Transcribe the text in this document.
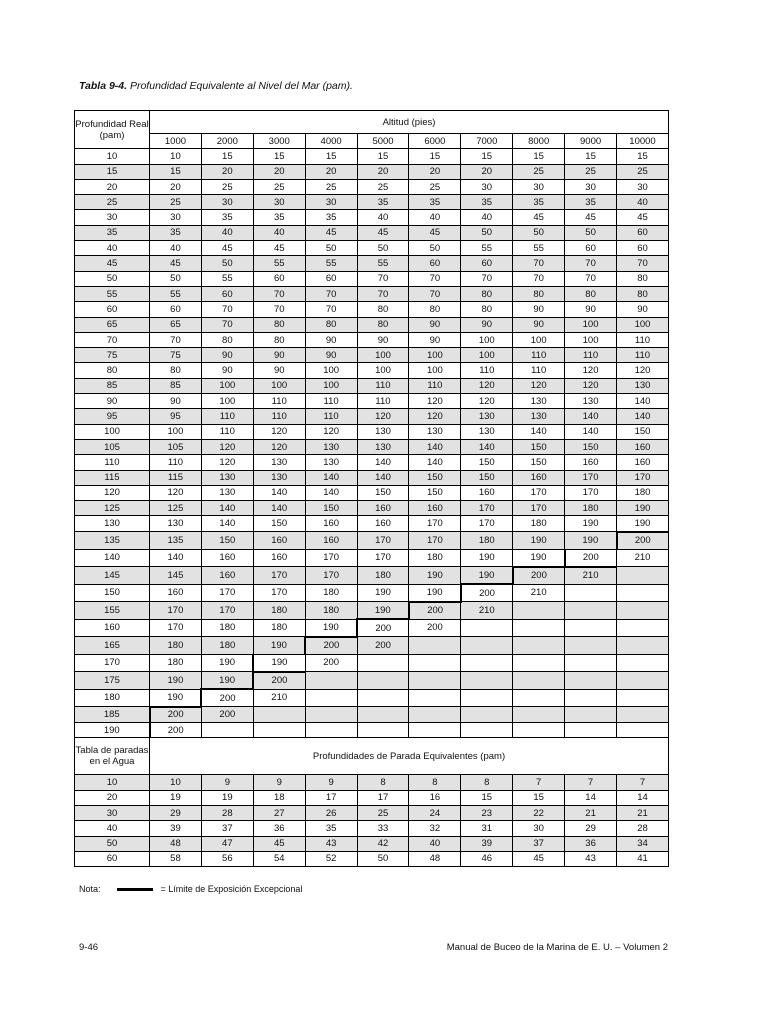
Tabla 9-4. Profundidad Equivalente al Nivel del Mar (pam).
Profundidad Real (pam)	Altitud (pies)									
	1000	2000	3000	4000	5000	6000	7000	8000	9000	10000
10	10	15	15	15	15	15	15	15	15	15
15	15	20	20	20	20	20	20	25	25	25
20	20	25	25	25	25	25	30	30	30	30
25	25	30	30	30	35	35	35	35	35	40
30	30	35	35	35	40	40	40	45	45	45
35	35	40	40	45	45	45	50	50	50	60
40	40	45	45	50	50	50	55	55	60	60
45	45	50	55	55	55	60	60	70	70	70
50	50	55	60	60	70	70	70	70	70	80
55	55	60	70	70	70	70	80	80	80	80
60	60	70	70	70	80	80	80	90	90	90
65	65	70	80	80	80	90	90	90	100	100
70	70	80	80	90	90	90	100	100	100	110
75	75	90	90	90	100	100	100	110	110	110
80	80	90	90	100	100	100	110	110	120	120
85	85	100	100	100	110	110	120	120	120	130
90	90	100	110	110	110	120	120	130	130	140
95	95	110	110	110	120	120	130	130	140	140
100	100	110	120	120	130	130	130	140	140	150
105	105	120	120	130	130	140	140	150	150	160
110	110	120	130	130	140	140	150	150	160	160
115	115	130	130	140	140	150	150	160	170	170
120	120	130	140	140	150	150	160	170	170	180
125	125	140	140	150	160	160	170	170	180	190
130	130	140	150	160	160	170	170	180	190	190
135	135	150	160	160	170	170	180	190	190	200
140	140	160	160	170	170	180	190	190	200	210
145	145	160	170	170	180	190	190	200	210	
150	160	170	170	180	190	190	200	210		
155	170	170	180	180	190	200	210			
160	170	180	180	190	200	200				
165	180	180	190	200	200					
170	180	190	190	200						
175	190	190	200							
180	190	200	210							
185	200	200								
190	200									
Tabla de paradas en el Agua	Profundidades de Parada Equivalentes (pam)									
10	10	9	9	9	8	8	8	7	7	7
20	19	19	18	17	17	16	15	15	14	14
30	29	28	27	26	25	24	23	22	21	21
40	39	37	36	35	33	32	31	30	29	28
50	48	47	45	43	42	40	39	37	36	34
60	58	56	54	52	50	48	46	45	43	41
Nota:	= Límite de Exposición Excepcional
9-46	Manual de Buceo de la Marina de E. U. – Volumen 2
